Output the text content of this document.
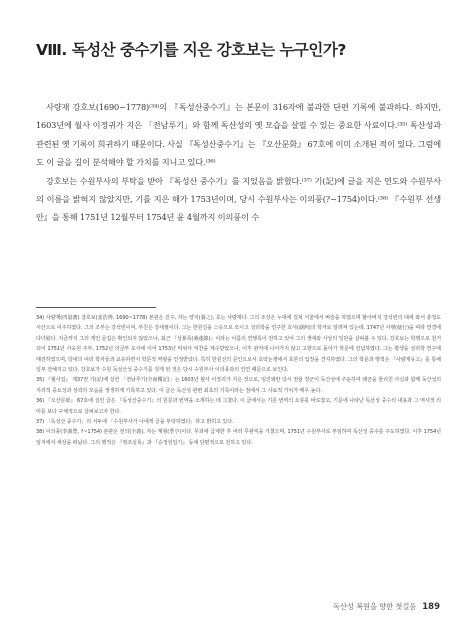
Ⅷ. 독성산 중수기를 지은 강호보는 누구인가?

사량재 강호보(1690~1778)⁽³⁴⁾의 『독성산중수기』는 본문이 316자에 불과한 단편 기록에 불과하다. 하지만, 1603년에 월사 이정귀가 지은 「전남루기」와 함께 독산성의 옛 모습을 살필 수 있는 중요한 사료이다.⁽³⁵⁾ 독산성과 관련된 옛 기록이 희귀하기 때문이다. 사실 『독성산중수기』는 『오산문화』 67호에 이미 소개된 적이 있다. 그럼에도 이 글을 길이 분석해야 할 가치를 지니고 있다.⁽³⁶⁾

강호보는 수원부사의 부탁을 받아 『독성산 중수기』를 지었음을 밝혔다.⁽³⁷⁾ 기(記)에 글을 지은 연도와 수원부사의 이름을 밝혀지 않았지만, 기를 지은 해가 1753년이며, 당시 수원부사는 이의풍(?~1754)이다.⁽³⁸⁾ 『수원부 선생안』을 통해 1751년 12월부터 1754년 윤 4월까지 이의풍이 수

34) 사량재(四量齋) 강호보(姜浩溥, 1690~1778) 본관은 진주, 자는 양지(養之), 호는 사량재다. 그의 조상은 누대에 걸쳐 서울에서 벼슬을 하였으며 할아버지 강석빈의 대에 와서 충청도 서산으로 이주하였다. 그의 조부는 강석빈이며, 부친은 강세필이다. 그는 한원진을 스승으로 모시고 성리학을 연구한 호서(湖西)의 학자로 알려져 있는데, 1747년 사행(使行)을 따라 연경에 다녀왔다. 지금까지 그의 개인 문집은 확인되지 않았으나, 최근 『상봉록(桑蓬錄)』이라는 이름의 연행록이 전하고 있어 그의 생애와 사상의 일단을 살펴볼 수 있다. 강호보는 학행으로 천거되어 1751년 사옹원 주부, 1752년 의금부 도사에 이어 1753년 익위사 익찬을 제수받았으나, 이후 관직에 나아가지 않고 고향으로 돌아가 학문에 전념하였다. 그는 평생을 성리학 연구에 매진하였으며, 당대의 여러 학자들과 교유하면서 학문적 역량을 인정받았다. 특히 한원진의 문인으로서 호락논쟁에서 호론의 입장을 견지하였다. 그의 학문과 행적은 『사량재유고』를 통해 일부 전해지고 있다. 강호보가 수원 독성산성 중수기를 짓게 된 것은 당시 수원부사 이의풍과의 인연 때문으로 보인다.

35) 『월사집』 제37권 기(記)에 실린 「전남루기(全南樓記)」는 1603년 월사 이정귀가 지은 것으로, 임진왜란 당시 권율 장군이 독산성에 주둔하여 왜군을 물리친 사실과 함께 독산성의 지리적 중요성과 성곽의 모습을 생생하게 기록하고 있다. 이 글은 독산성 관련 최초의 기록이라는 점에서 그 사료적 가치가 매우 높다.

36) 『오산문화』 67호에 실린 글은 『독성산중수기』의 원문과 번역을 소개하는 데 그쳤다. 이 글에서는 기존 번역의 오류를 바로잡고, 기문에 나타난 독산성 중수의 내용과 그 역사적 의미를 보다 구체적으로 살펴보고자 한다.

37) 「독성산 중수기」의 서두에 「수원부사가 나에게 글을 부탁하였다」라고 밝히고 있다.

38) 이의풍(李義豊, ?~1754) 본관은 전의(全義), 자는 계형(季亨)이다. 무과에 급제한 후 여러 무관직을 거쳤으며, 1751년 수원부사로 부임하여 독산성 중수를 주도하였다. 이후 1754년 임지에서 세상을 떠났다. 그의 행적은 『영조실록』과 『승정원일기』 등에 단편적으로 전하고 있다.

독산성 복원을 향한 첫걸음 189
